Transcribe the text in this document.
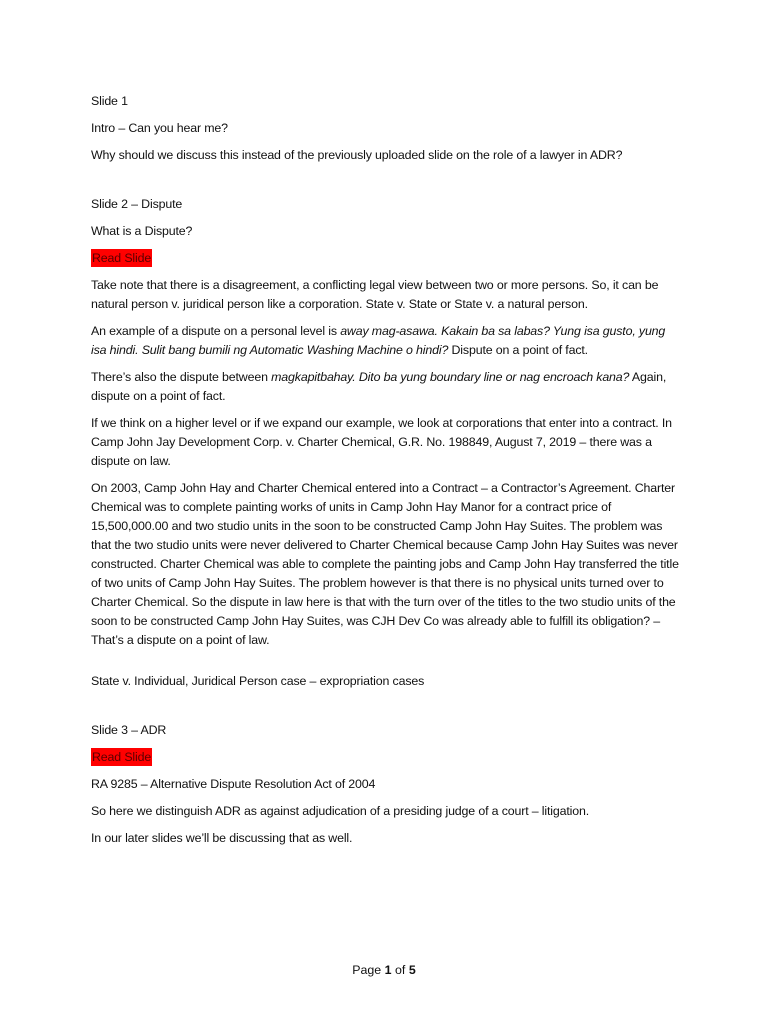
Slide 1

Intro – Can you hear me?

Why should we discuss this instead of the previously uploaded slide on the role of a lawyer in ADR?

Slide 2 – Dispute

What is a Dispute?

Read Slide

Take note that there is a disagreement, a conflicting legal view between two or more persons. So, it can be natural person v. juridical person like a corporation. State v. State or State v. a natural person.

An example of a dispute on a personal level is away mag-asawa. Kakain ba sa labas? Yung isa gusto, yung isa hindi. Sulit bang bumili ng Automatic Washing Machine o hindi? Dispute on a point of fact.

There’s also the dispute between magkapitbahay. Dito ba yung boundary line or nag encroach kana? Again, dispute on a point of fact.

If we think on a higher level or if we expand our example, we look at corporations that enter into a contract. In Camp John Jay Development Corp. v. Charter Chemical, G.R. No. 198849, August 7, 2019 – there was a dispute on law.

On 2003, Camp John Hay and Charter Chemical entered into a Contract – a Contractor’s Agreement. Charter Chemical was to complete painting works of units in Camp John Hay Manor for a contract price of 15,500,000.00 and two studio units in the soon to be constructed Camp John Hay Suites. The problem was that the two studio units were never delivered to Charter Chemical because Camp John Hay Suites was never constructed. Charter Chemical was able to complete the painting jobs and Camp John Hay transferred the title of two units of Camp John Hay Suites. The problem however is that there is no physical units turned over to Charter Chemical. So the dispute in law here is that with the turn over of the titles to the two studio units of the soon to be constructed Camp John Hay Suites, was CJH Dev Co was already able to fulfill its obligation? – That’s a dispute on a point of law.

State v. Individual, Juridical Person case – expropriation cases

Slide 3 – ADR

Read Slide

RA 9285 – Alternative Dispute Resolution Act of 2004

So here we distinguish ADR as against adjudication of a presiding judge of a court – litigation.

In our later slides we’ll be discussing that as well.

Page 1 of 5
